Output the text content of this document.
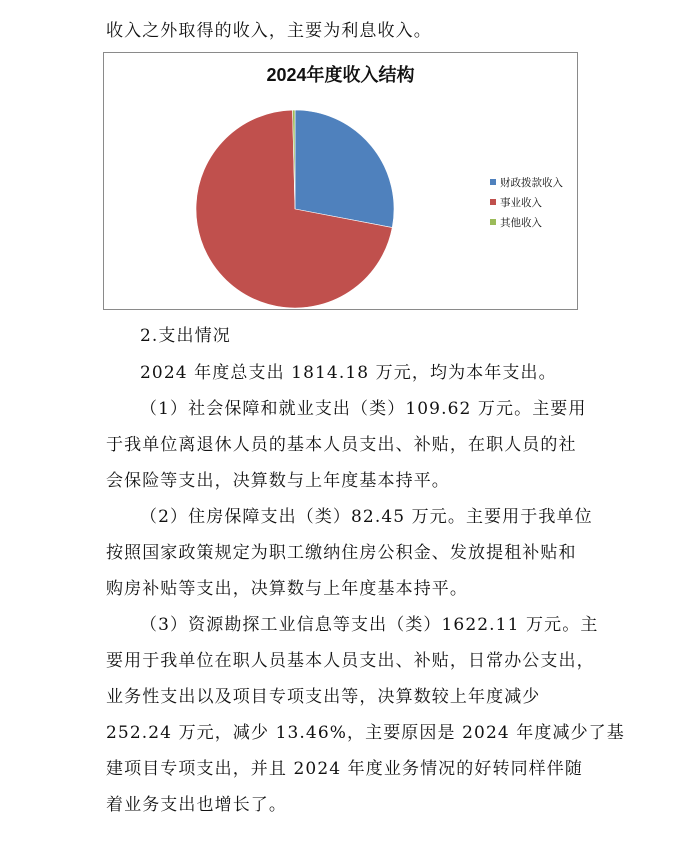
收入之外取得的收入，主要为利息收入。
2024年度收入结构
财政拨款收入
事业收入
其他收入
2.支出情况
2024 年度总支出 1814.18 万元，均为本年支出。
（1）社会保障和就业支出（类）109.62 万元。主要用
于我单位离退休人员的基本人员支出、补贴，在职人员的社
会保险等支出，决算数与上年度基本持平。
（2）住房保障支出（类）82.45 万元。主要用于我单位
按照国家政策规定为职工缴纳住房公积金、发放提租补贴和
购房补贴等支出，决算数与上年度基本持平。
（3）资源勘探工业信息等支出（类）1622.11 万元。主
要用于我单位在职人员基本人员支出、补贴，日常办公支出，
业务性支出以及项目专项支出等，决算数较上年度减少
252.24 万元，减少 13.46%，主要原因是 2024 年度减少了基
建项目专项支出，并且 2024 年度业务情况的好转同样伴随
着业务支出也增长了。
